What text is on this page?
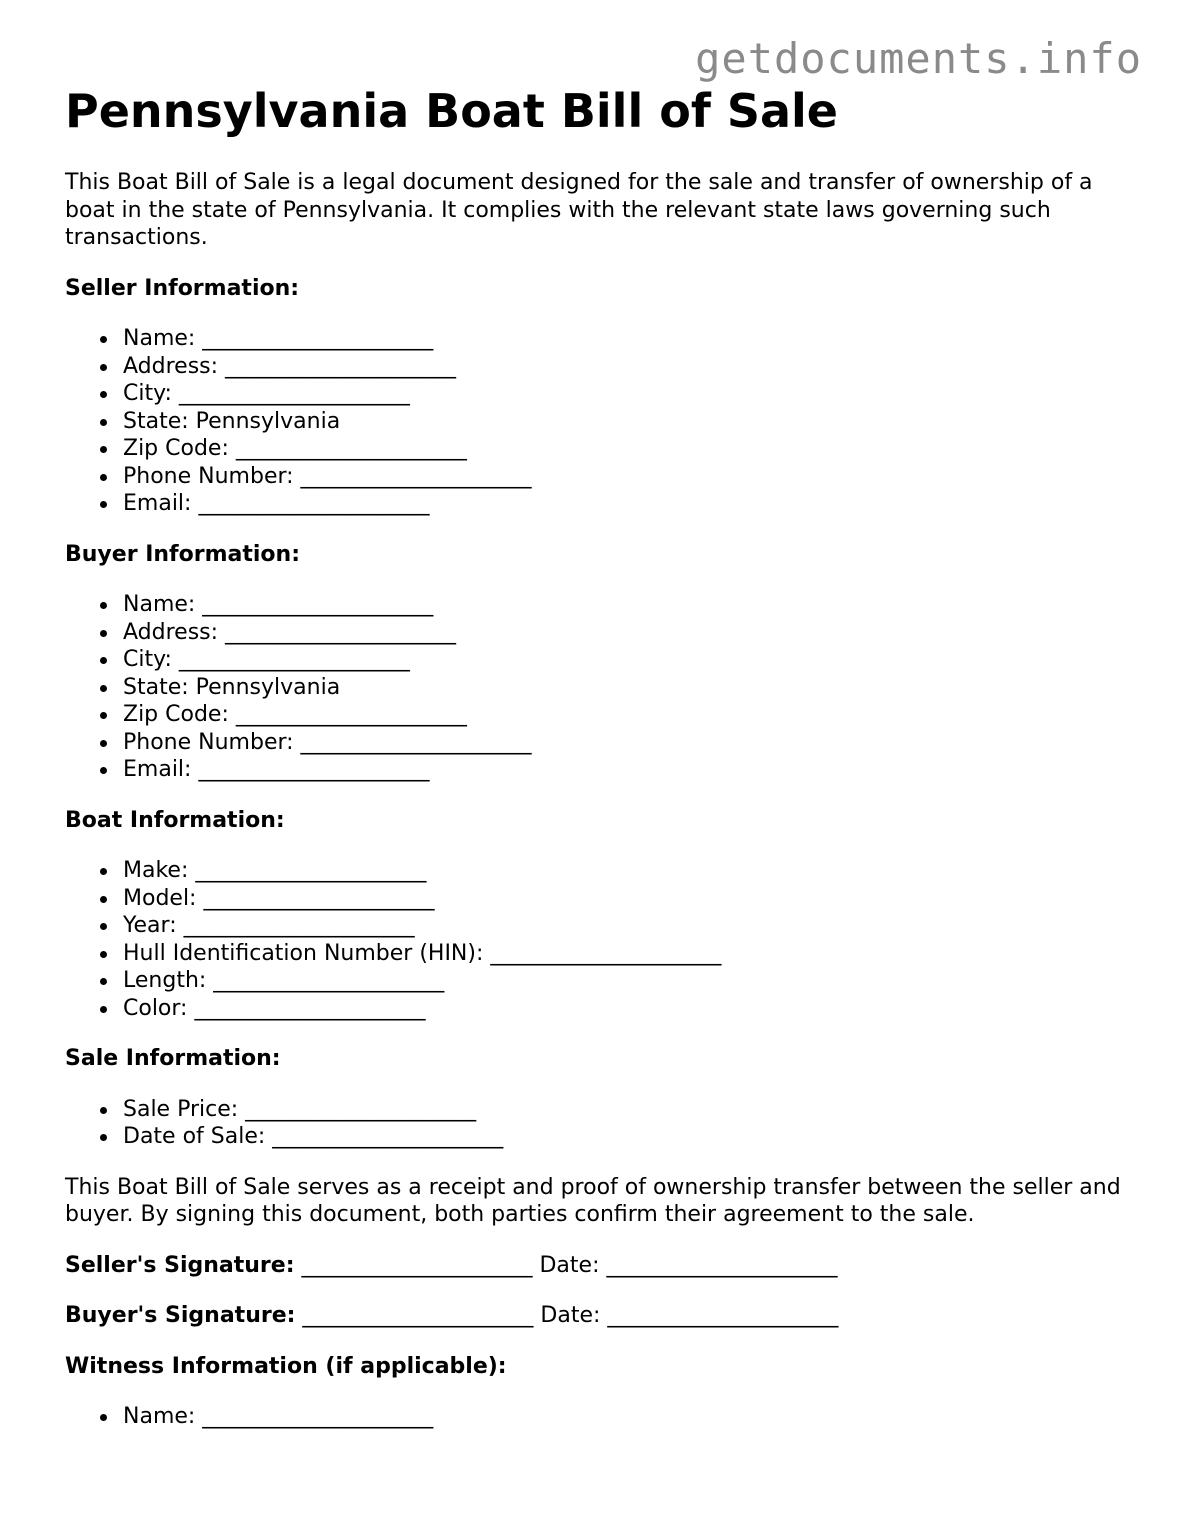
getdocuments.info
Pennsylvania Boat Bill of Sale

This Boat Bill of Sale is a legal document designed for the sale and transfer of ownership of a boat in the state of Pennsylvania. It complies with the relevant state laws governing such transactions.

Seller Information:
Name: _____________________
Address: _____________________
City: _____________________
State: Pennsylvania
Zip Code: _____________________
Phone Number: _____________________
Email: _____________________
Buyer Information:
Name: _____________________
Address: _____________________
City: _____________________
State: Pennsylvania
Zip Code: _____________________
Phone Number: _____________________
Email: _____________________
Boat Information:
Make: _____________________
Model: _____________________
Year: _____________________
Hull Identification Number (HIN): _____________________
Length: _____________________
Color: _____________________
Sale Information:
Sale Price: _____________________
Date of Sale: _____________________

This Boat Bill of Sale serves as a receipt and proof of ownership transfer between the seller and buyer. By signing this document, both parties confirm their agreement to the sale.

Seller's Signature: _____________________ Date: _____________________
Buyer's Signature: _____________________ Date: _____________________
Witness Information (if applicable):
Name: _____________________
